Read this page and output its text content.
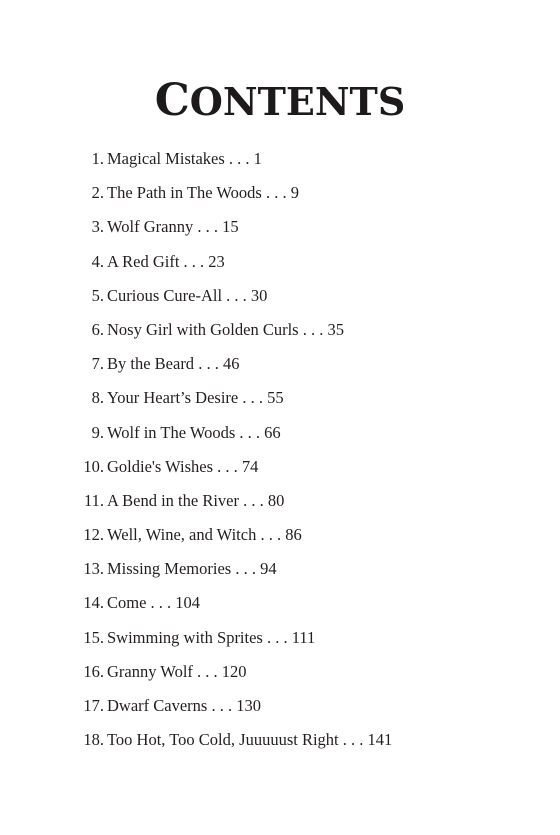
CONTENTS
1. Magical Mistakes . . . 1
2. The Path in The Woods . . . 9
3. Wolf Granny . . . 15
4. A Red Gift . . . 23
5. Curious Cure-All . . . 30
6. Nosy Girl with Golden Curls . . . 35
7. By the Beard . . . 46
8. Your Heart’s Desire . . . 55
9. Wolf in The Woods . . . 66
10. Goldie's Wishes . . . 74
11. A Bend in the River . . . 80
12. Well, Wine, and Witch . . . 86
13. Missing Memories . . . 94
14. Come . . . 104
15. Swimming with Sprites . . . 111
16. Granny Wolf . . . 120
17. Dwarf Caverns . . . 130
18. Too Hot, Too Cold, Juuuuust Right . . . 141
